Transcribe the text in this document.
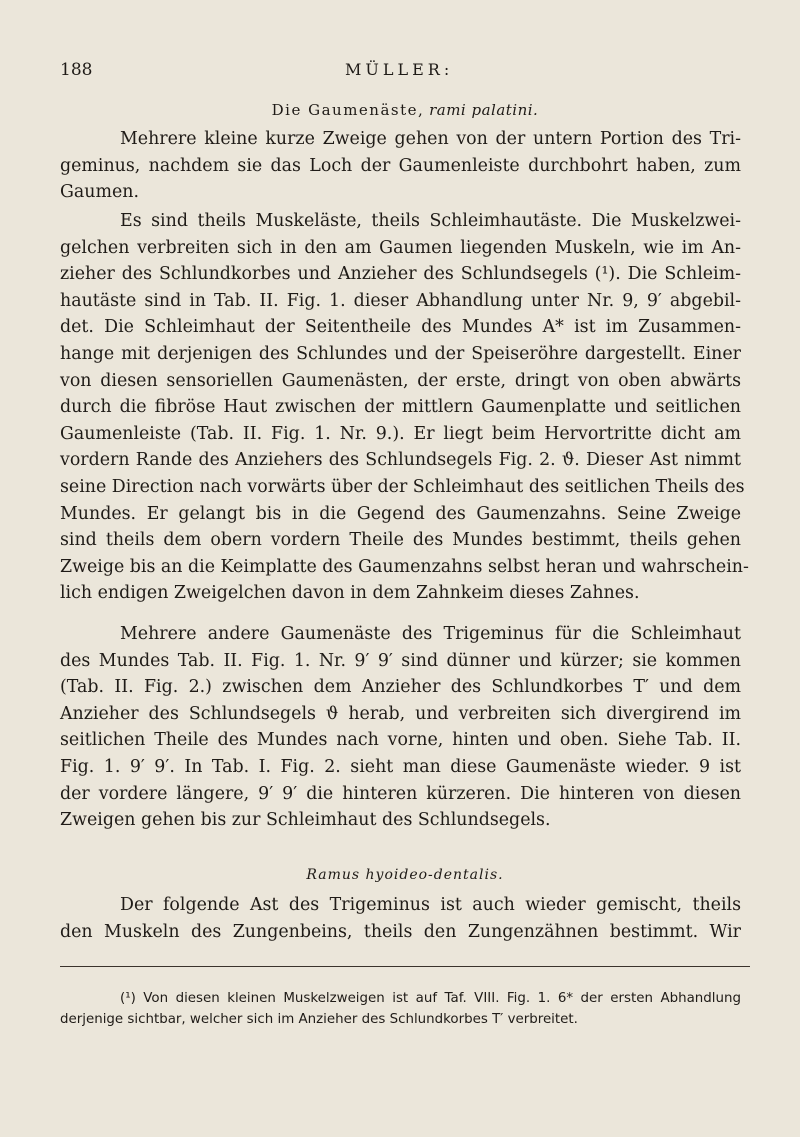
188	MÜLLER:
Die Gaumenäste, rami palatini.
Mehrere kleine kurze Zweige gehen von der untern Portion des Tri-
geminus, nachdem sie das Loch der Gaumenleiste durchbohrt haben, zum
Gaumen.
Es sind theils Muskeläste, theils Schleimhautäste. Die Muskelzwei-
gelchen verbreiten sich in den am Gaumen liegenden Muskeln, wie im An-
zieher des Schlundkorbes und Anzieher des Schlundsegels (¹). Die Schleim-
hautäste sind in Tab. II. Fig. 1. dieser Abhandlung unter Nr. 9, 9′ abgebil-
det. Die Schleimhaut der Seitentheile des Mundes A* ist im Zusammen-
hange mit derjenigen des Schlundes und der Speiseröhre dargestellt. Einer
von diesen sensoriellen Gaumenästen, der erste, dringt von oben abwärts
durch die fibröse Haut zwischen der mittlern Gaumenplatte und seitlichen
Gaumenleiste (Tab. II. Fig. 1. Nr. 9.). Er liegt beim Hervortritte dicht am
vordern Rande des Anziehers des Schlundsegels Fig. 2. ϑ. Dieser Ast nimmt
seine Direction nach vorwärts über der Schleimhaut des seitlichen Theils des
Mundes. Er gelangt bis in die Gegend des Gaumenzahns. Seine Zweige
sind theils dem obern vordern Theile des Mundes bestimmt, theils gehen
Zweige bis an die Keimplatte des Gaumenzahns selbst heran und wahrschein-
lich endigen Zweigelchen davon in dem Zahnkeim dieses Zahnes.
Mehrere andere Gaumenäste des Trigeminus für die Schleimhaut
des Mundes Tab. II. Fig. 1. Nr. 9′ 9′ sind dünner und kürzer; sie kommen
(Tab. II. Fig. 2.) zwischen dem Anzieher des Schlundkorbes T′ und dem
Anzieher des Schlundsegels ϑ herab, und verbreiten sich divergirend im
seitlichen Theile des Mundes nach vorne, hinten und oben. Siehe Tab. II.
Fig. 1. 9′ 9′. In Tab. I. Fig. 2. sieht man diese Gaumenäste wieder. 9 ist
der vordere längere, 9′ 9′ die hinteren kürzeren. Die hinteren von diesen
Zweigen gehen bis zur Schleimhaut des Schlundsegels.
Ramus hyoideo-dentalis.
Der folgende Ast des Trigeminus ist auch wieder gemischt, theils
den Muskeln des Zungenbeins, theils den Zungenzähnen bestimmt. Wir
(¹) Von diesen kleinen Muskelzweigen ist auf Taf. VIII. Fig. 1. 6* der ersten Abhandlung
derjenige sichtbar, welcher sich im Anzieher des Schlundkorbes T′ verbreitet.
